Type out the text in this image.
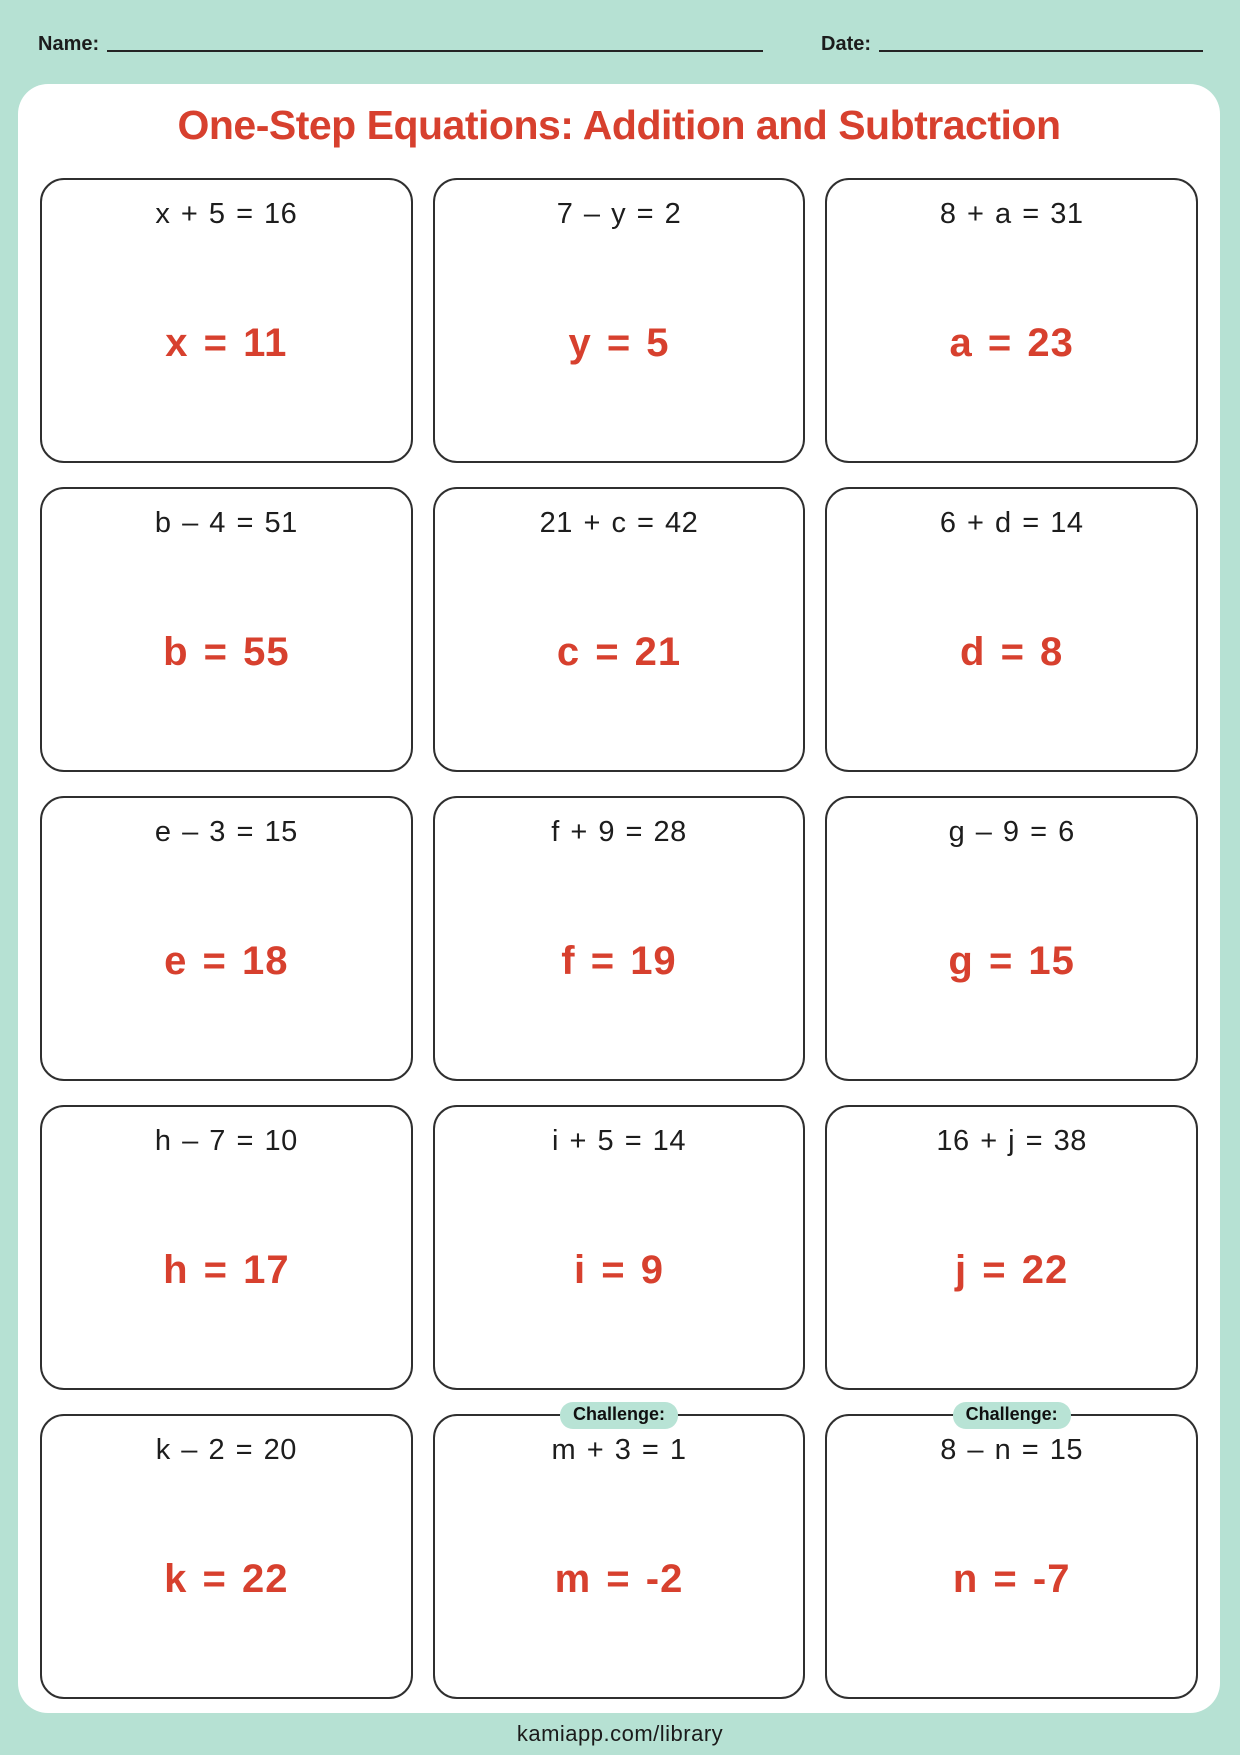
Name:	Date:
One-Step Equations: Addition and Subtraction
x + 5 = 16
x = 11
7 – y = 2
y = 5
8 + a = 31
a = 23
b – 4 = 51
b = 55
21 + c = 42
c = 21
6 + d = 14
d = 8
e – 3 = 15
e = 18
f + 9 = 28
f = 19
g – 9 = 6
g = 15
h – 7 = 10
h = 17
i + 5 = 14
i = 9
16 + j = 38
j = 22
k – 2 = 20
k = 22
Challenge:
m + 3 = 1
m = -2
Challenge:
8 – n = 15
n = -7
kamiapp.com/library
